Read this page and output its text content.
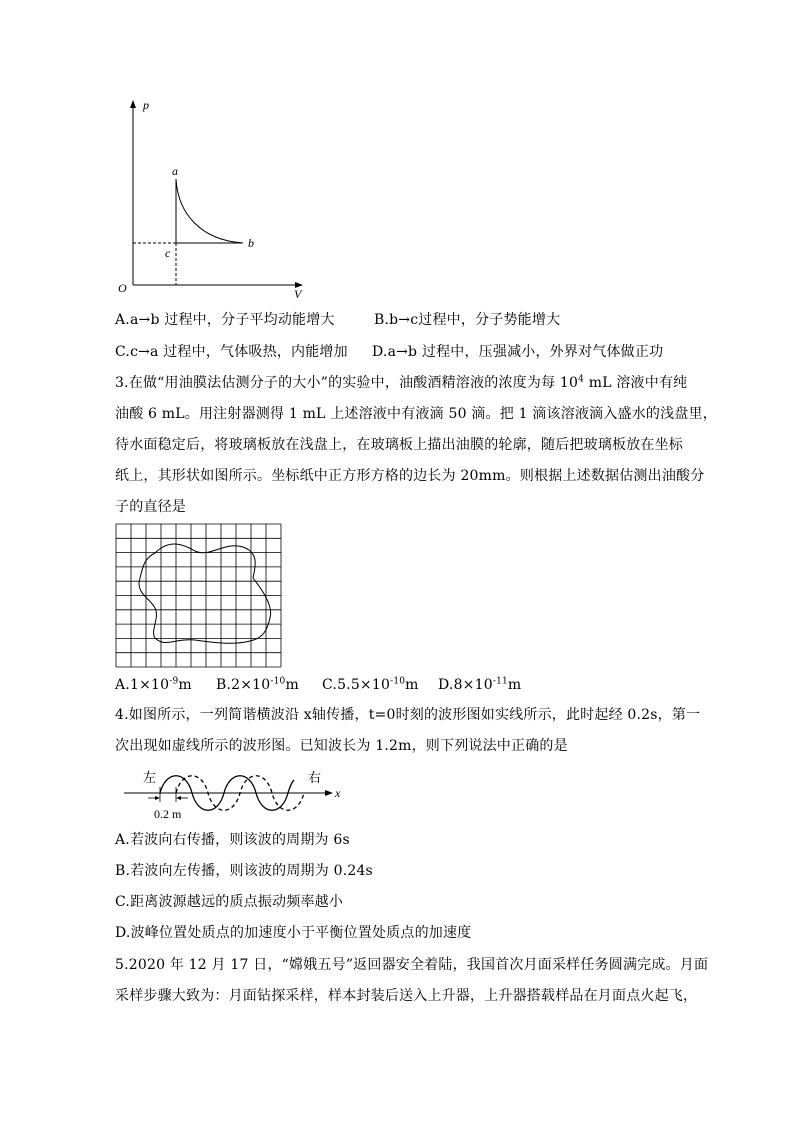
p
V
O
a
b
c
A.a→b 过程中，分子平均动能增大	B.b→c过程中，分子势能增大
C.c→a 过程中，气体吸热，内能增加 D.a→b 过程中，压强减小，外界对气体做正功
3.在做“用油膜法估测分子的大小”的实验中，油酸酒精溶液的浓度为每 $10^4$ mL 溶液中有纯
油酸 6 mL。用注射器测得 1 mL 上述溶液中有液滴 50 滴。把 1 滴该溶液滴入盛水的浅盘里，
待水面稳定后，将玻璃板放在浅盘上，在玻璃板上描出油膜的轮廓，随后把玻璃板放在坐标
纸上，其形状如图所示。坐标纸中正方形方格的边长为 20mm。则根据上述数据估测出油酸分
子的直径是
$A.1\times 10^{-9}m$ $B.2\times 10^{-10}m$ $C.5.5\times 10^{-10}m$ $D.8\times 10^{-11}m$
4.如图所示，一列简谐横波沿 x轴传播，t=0时刻的波形图如实线所示，此时起经 0.2s，第一
次出现如虚线所示的波形图。已知波长为 1.2m，则下列说法中正确的是
x
左	右
0.2 m
A.若波向右传播，则该波的周期为 6s
B.若波向左传播，则该波的周期为 0.24s
C.距离波源越远的质点振动频率越小
D.波峰位置处质点的加速度小于平衡位置处质点的加速度
5.2020 年 12 月 17 日，“嫦娥五号”返回器安全着陆，我国首次月面采样任务圆满完成。月面
采样步骤大致为：月面钻探采样，样本封装后送入上升器，上升器搭载样品在月面点火起飞，
